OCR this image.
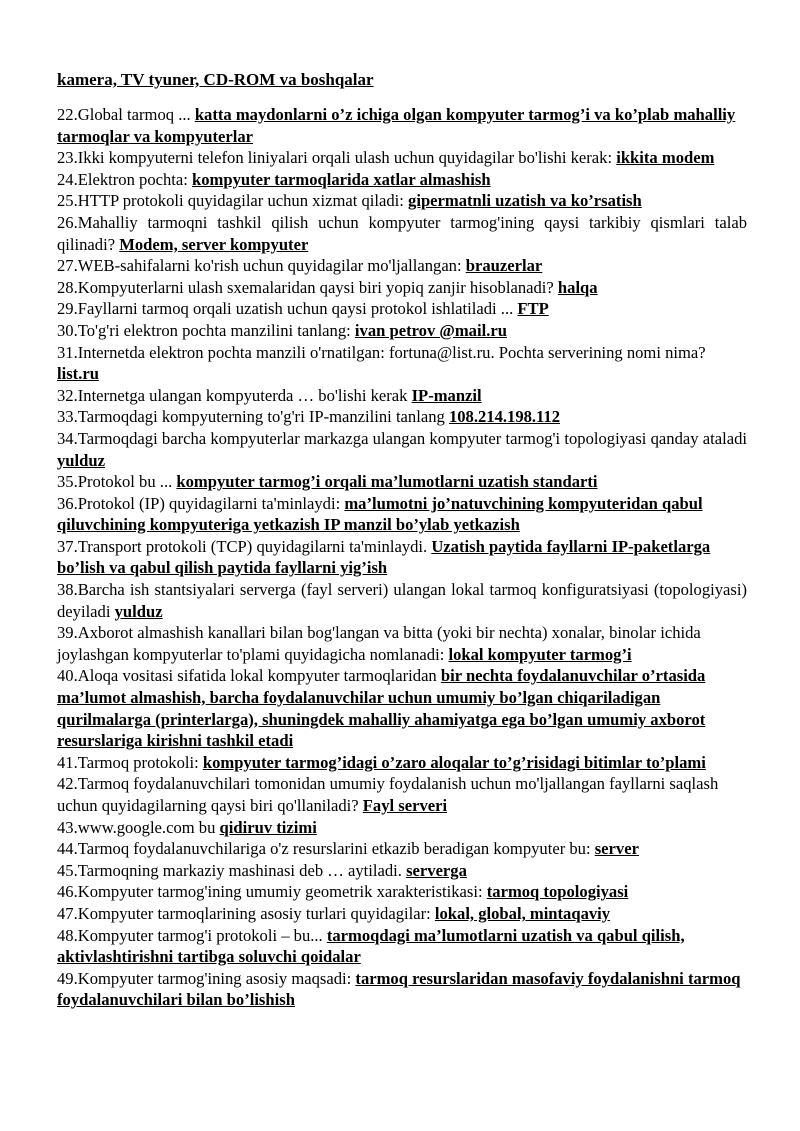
kamera, TV tyuner, CD-ROM va boshqalar

22.Global tarmoq ... katta maydonlarni o’z ichiga olgan kompyuter tarmog’i va ko’plab mahalliy tarmoqlar va kompyuterlar

23.Ikki kompyuterni telefon liniyalari orqali ulash uchun quyidagilar bo'lishi kerak: ikkita modem

24.Elektron pochta: kompyuter tarmoqlarida xatlar almashish

25.HTTP protokoli quyidagilar uchun xizmat qiladi: gipermatnli uzatish va ko’rsatish

26.Mahalliy tarmoqni tashkil qilish uchun kompyuter tarmog'ining qaysi tarkibiy qismlari talab qilinadi? Modem, server kompyuter

27.WEB-sahifalarni ko'rish uchun quyidagilar mo'ljallangan: brauzerlar

28.Kompyuterlarni ulash sxemalaridan qaysi biri yopiq zanjir hisoblanadi? halqa

29.Fayllarni tarmoq orqali uzatish uchun qaysi protokol ishlatiladi ... FTP

30.To'g'ri elektron pochta manzilini tanlang: ivan petrov @mail.ru

31.Internetda elektron pochta manzili o'rnatilgan: fortuna@list.ru. Pochta serverining nomi nima? list.ru

32.Internetga ulangan kompyuterda … bo'lishi kerak IP-manzil

33.Tarmoqdagi kompyuterning to'g'ri IP-manzilini tanlang 108.214.198.112

34.Tarmoqdagi barcha kompyuterlar markazga ulangan kompyuter tarmog'i topologiyasi qanday ataladi yulduz

35.Protokol bu ... kompyuter tarmog’i orqali ma’lumotlarni uzatish standarti

36.Protokol (IP) quyidagilarni ta'minlaydi: ma’lumotni jo’natuvchining kompyuteridan qabul qiluvchining kompyuteriga yetkazish IP manzil bo’ylab yetkazish

37.Transport protokoli (TCP) quyidagilarni ta'minlaydi. Uzatish paytida fayllarni IP-paketlarga bo’lish va qabul qilish paytida fayllarni yig’ish

38.Barcha ish stantsiyalari serverga (fayl serveri) ulangan lokal tarmoq konfiguratsiyasi (topologiyasi) deyiladi yulduz

39.Axborot almashish kanallari bilan bog'langan va bitta (yoki bir nechta) xonalar, binolar ichida joylashgan kompyuterlar to'plami quyidagicha nomlanadi: lokal kompyuter tarmog’i

40.Aloqa vositasi sifatida lokal kompyuter tarmoqlaridan bir nechta foydalanuvchilar o’rtasida ma’lumot almashish, barcha foydalanuvchilar uchun umumiy bo’lgan chiqariladigan qurilmalarga (printerlarga), shuningdek mahalliy ahamiyatga ega bo’lgan umumiy axborot resurslariga kirishni tashkil etadi

41.Tarmoq protokoli: kompyuter tarmog’idagi o’zaro aloqalar to’g’risidagi bitimlar to’plami

42.Tarmoq foydalanuvchilari tomonidan umumiy foydalanish uchun mo'ljallangan fayllarni saqlash uchun quyidagilarning qaysi biri qo'llaniladi? Fayl serveri

43.www.google.com bu qidiruv tizimi

44.Tarmoq foydalanuvchilariga o'z resurslarini etkazib beradigan kompyuter bu: server

45.Tarmoqning markaziy mashinasi deb … aytiladi. serverga

46.Kompyuter tarmog'ining umumiy geometrik xarakteristikasi: tarmoq topologiyasi

47.Kompyuter tarmoqlarining asosiy turlari quyidagilar: lokal, global, mintaqaviy

48.Kompyuter tarmog'i protokoli – bu... tarmoqdagi ma’lumotlarni uzatish va qabul qilish, aktivlashtirishni tartibga soluvchi qoidalar

49.Kompyuter tarmog'ining asosiy maqsadi: tarmoq resurslaridan masofaviy foydalanishni tarmoq foydalanuvchilari bilan bo’lishish
